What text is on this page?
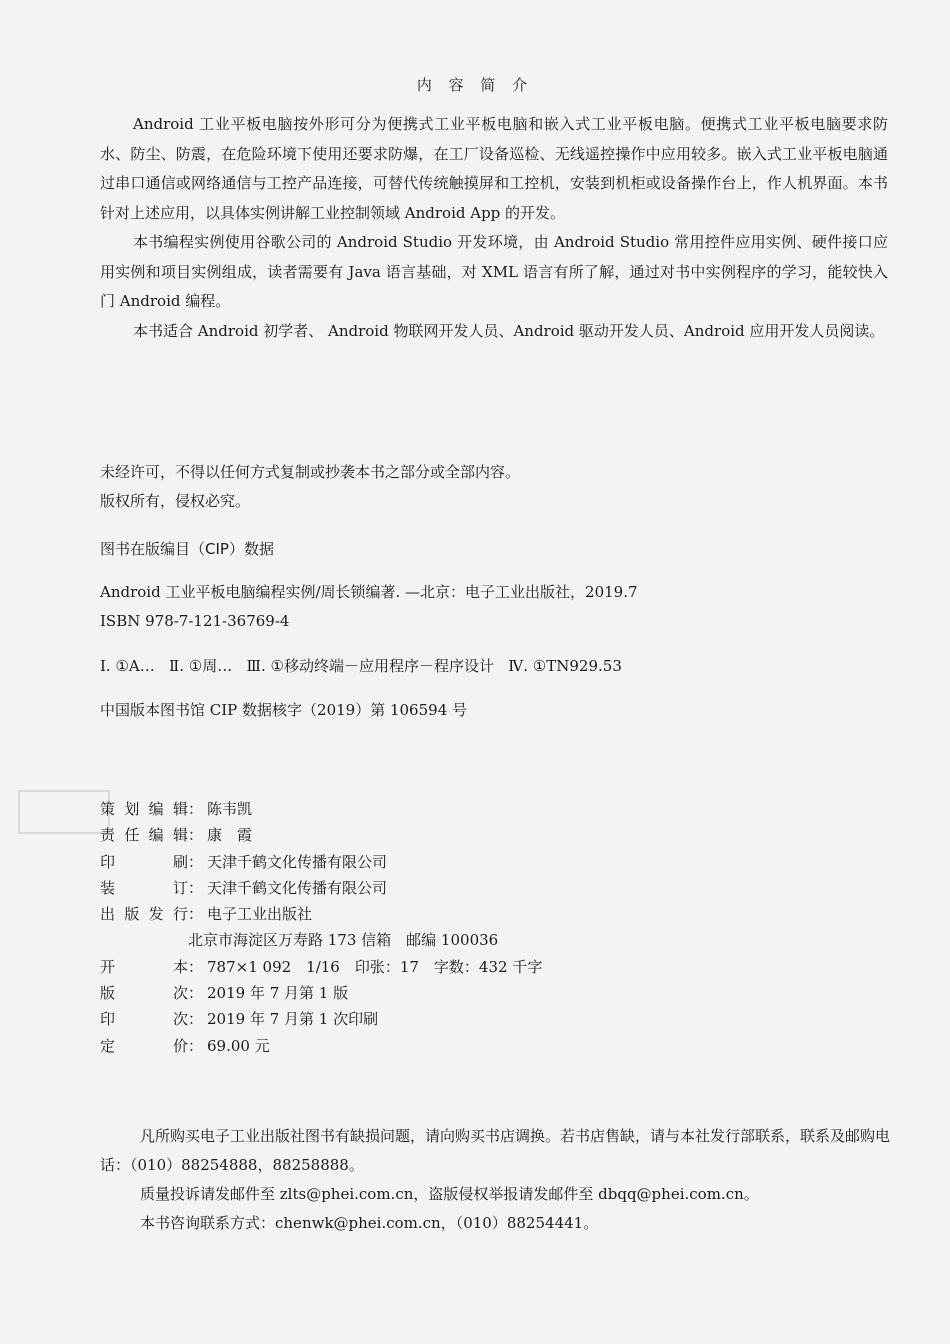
内 容 简 介

Android 工业平板电脑按外形可分为便携式工业平板电脑和嵌入式工业平板电脑。便携式工业平板电脑要求防水、防尘、防震，在危险环境下使用还要求防爆，在工厂设备巡检、无线遥控操作中应用较多。嵌入式工业平板电脑通过串口通信或网络通信与工控产品连接，可替代传统触摸屏和工控机，安装到机柜或设备操作台上，作人机界面。本书针对上述应用，以具体实例讲解工业控制领域 Android App 的开发。

本书编程实例使用谷歌公司的 Android Studio 开发环境，由 Android Studio 常用控件应用实例、硬件接口应用实例和项目实例组成，读者需要有 Java 语言基础，对 XML 语言有所了解，通过对书中实例程序的学习，能较快入门 Android 编程。

本书适合 Android 初学者、 Android 物联网开发人员、Android 驱动开发人员、Android 应用开发人员阅读。

未经许可，不得以任何方式复制或抄袭本书之部分或全部内容。

版权所有，侵权必究。

图书在版编目（CIP）数据
Android 工业平板电脑编程实例/周长锁编著. —北京：电子工业出版社，2019.7
ISBN 978-7-121-36769-4
Ⅰ. ①A…   Ⅱ. ①周…   Ⅲ. ①移动终端－应用程序－程序设计   Ⅳ. ①TN929.53
中国版本图书馆 CIP 数据核字（2019）第 106594 号
策划编辑 ： 陈韦凯
责任编辑 ： 康　霞
印刷 ： 天津千鹤文化传播有限公司
装订 ： 天津千鹤文化传播有限公司
出版发行 ： 电子工业出版社
北京市海淀区万寿路 173 信箱　邮编 100036
开本 ： 787×1 092　1/16　印张：17　字数：432 千字
版次 ： 2019 年 7 月第 1 版
印次 ： 2019 年 7 月第 1 次印刷
定价 ： 69.00 元

凡所购买电子工业出版社图书有缺损问题，请向购买书店调换。若书店售缺，请与本社发行部联系，联系及邮购电话：（010）88254888，88258888。

质量投诉请发邮件至 zlts@phei.com.cn，盗版侵权举报请发邮件至 dbqq@phei.com.cn。

本书咨询联系方式：chenwk@phei.com.cn，（010）88254441。
